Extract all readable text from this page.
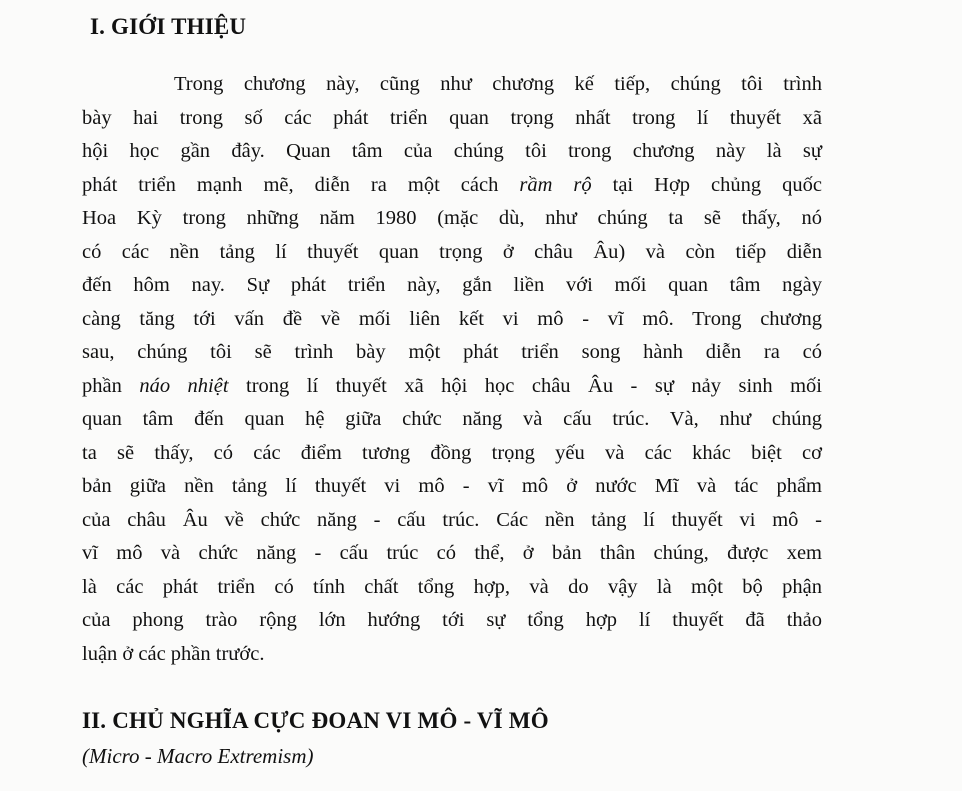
I. GIỚI THIỆU
Trong chương này, cũng như chương kế tiếp, chúng tôi trình
bày hai trong số các phát triển quan trọng nhất trong lí thuyết xã
hội học gần đây. Quan tâm của chúng tôi trong chương này là sự
phát triển mạnh mẽ, diễn ra một cách rầm rộ tại Hợp chủng quốc
Hoa Kỳ trong những năm 1980 (mặc dù, như chúng ta sẽ thấy, nó
có các nền tảng lí thuyết quan trọng ở châu Âu) và còn tiếp diễn
đến hôm nay. Sự phát triển này, gắn liền với mối quan tâm ngày
càng tăng tới vấn đề về mối liên kết vi mô - vĩ mô. Trong chương
sau, chúng tôi sẽ trình bày một phát triển song hành diễn ra có
phần náo nhiệt trong lí thuyết xã hội học châu Âu - sự nảy sinh mối
quan tâm đến quan hệ giữa chức năng và cấu trúc. Và, như chúng
ta sẽ thấy, có các điểm tương đồng trọng yếu và các khác biệt cơ
bản giữa nền tảng lí thuyết vi mô - vĩ mô ở nước Mĩ và tác phẩm
của châu Âu về chức năng - cấu trúc. Các nền tảng lí thuyết vi mô -
vĩ mô và chức năng - cấu trúc có thể, ở bản thân chúng, được xem
là các phát triển có tính chất tổng hợp, và do vậy là một bộ phận
của phong trào rộng lớn hướng tới sự tổng hợp lí thuyết đã thảo
luận ở các phần trước.
II. CHỦ NGHĨA CỰC ĐOAN VI MÔ - VĨ MÔ
(Micro - Macro Extremism)
